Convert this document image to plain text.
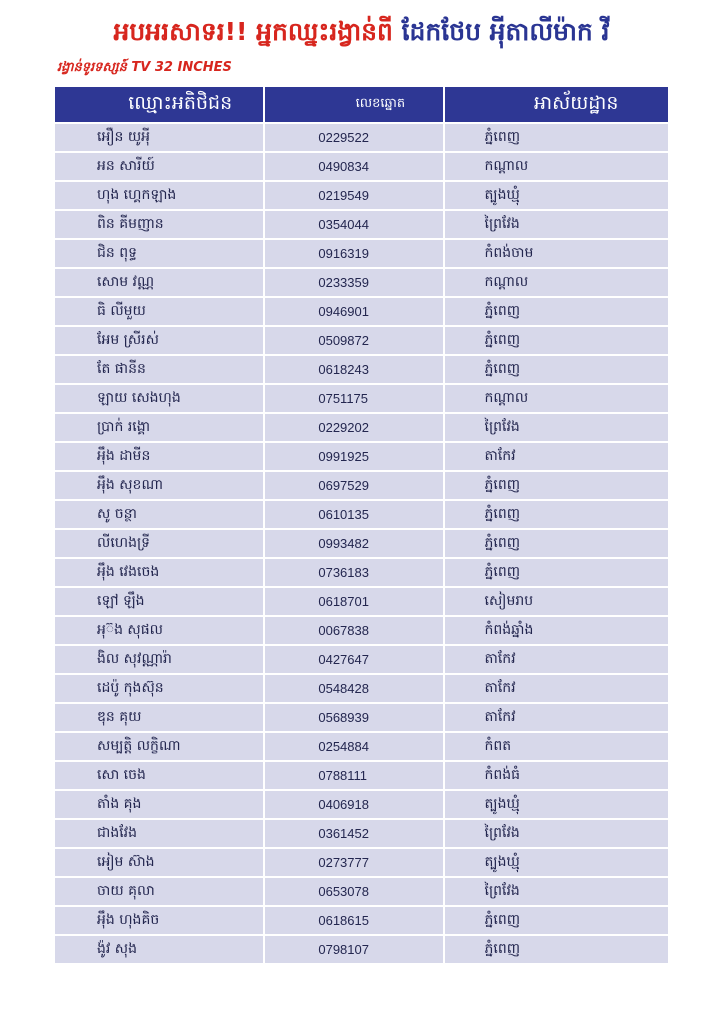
អបអរសាទរ!! អ្នកឈ្នះរង្វាន់ពី ដែកថែប អុីតាលីម៉ាក វី
រង្វាន់ទូរទស្សន៍ TV 32 INCHES
ឈ្មោះអតិថិជន	លេខឆ្នោត	អាស័យដ្ឋាន
អឿន យូអុី	0229522	ភ្នំពេញ
អន សារីយ៍	0490834	កណ្ដាល
ហុង ហ្គេកឡាង	0219549	ត្បូងឃ្មុំ
ពិន គីមញាន	0354044	ព្រៃវែង
ជិន ពុទ្ធ	0916319	កំពង់ចាម
សោម វណ្ណ	0233359	កណ្ដាល
ធិ លីមួយ	0946901	ភ្នំពេញ
អែម ស្រីរស់	0509872	ភ្នំពេញ
តែ ផានីន	0618243	ភ្នំពេញ
ឡាយ សេងហុង	0751175	កណ្ដាល
ប្រាក់ រង្គោ	0229202	ព្រៃវែង
អុឹង ដាមីន	0991925	តាកែវ
អុឹង សុខណា	0697529	ភ្នំពេញ
សូ ចន្ថា	0610135	ភ្នំពេញ
លីហេងទ្រី	0993482	ភ្នំពេញ
អុឹង វេងចេង	0736183	ភ្នំពេញ
ឡៅ ឡឹង	0618701	សៀមរាប
អុ៊ង សុផល	0067838	កំពង់ឆ្នាំង
ងិល សុវណ្ណារ៉ា	0427647	តាកែវ
ដេប៉ូ កុងស៊ុន	0548428	តាកែវ
ឌុន គុយ	0568939	តាកែវ
សម្បត្តិ លក្ខិណា	0254884	កំពត
សោ ចេង	0788111	កំពង់ធំ
តាំង គុង	0406918	ត្បូងឃ្មុំ
ជាងវែង	0361452	ព្រៃវែង
អៀម ស៊ាង	0273777	ត្បូងឃ្មុំ
ចាយ គុលា	0653078	ព្រៃវែង
អុឹង ហុងគិច	0618615	ភ្នំពេញ
ង៉ូវ សុង	0798107	ភ្នំពេញ
